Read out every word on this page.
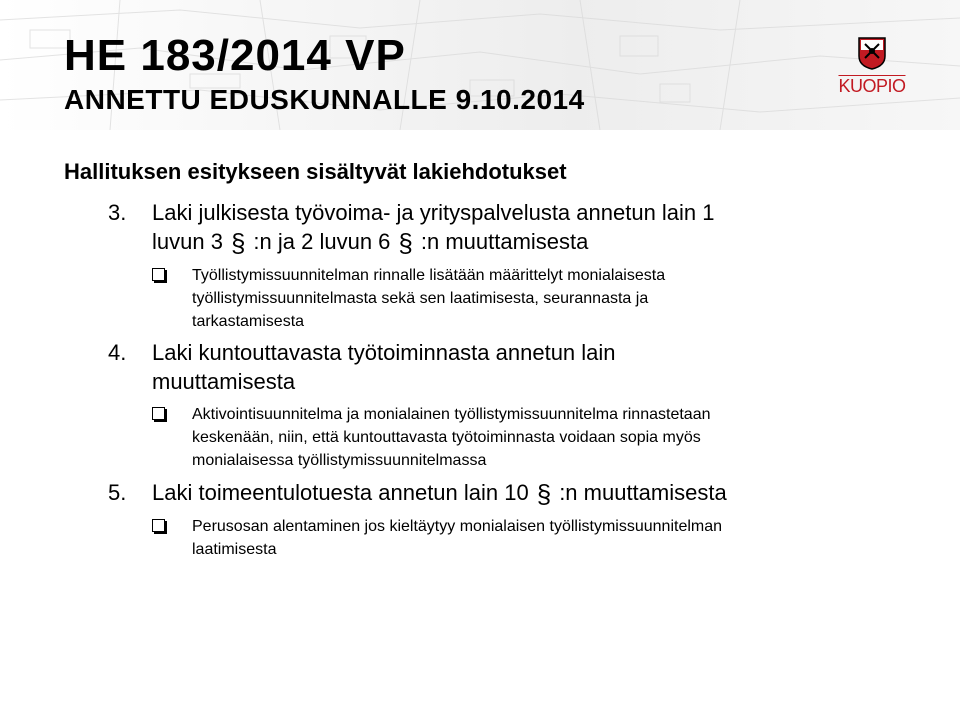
HE 183/2014 VP
ANNETTU EDUSKUNNALLE 9.10.2014	KUOPIO
Hallituksen esitykseen sisältyvät lakiehdotukset
3. Laki julkisesta työvoima- ja yrityspalvelusta annetun lain 1
luvun 3 § :n ja 2 luvun 6 § :n muuttamisesta
Työllistymissuunnitelman rinnalle lisätään määrittelyt monialaisesta työllistymissuunnitelmasta sekä sen laatimisesta, seurannasta ja tarkastamisesta
4. Laki kuntouttavasta työtoiminnasta annetun lain
muuttamisesta
Aktivointisuunnitelma ja monialainen työllistymissuunnitelma rinnastetaan keskenään, niin, että kuntouttavasta työtoiminnasta voidaan sopia myös monialaisessa työllistymissuunnitelmassa
5. Laki toimeentulotuesta annetun lain 10 § :n muuttamisesta
Perusosan alentaminen jos kieltäytyy monialaisen työllistymissuunnitelman laatimisesta
